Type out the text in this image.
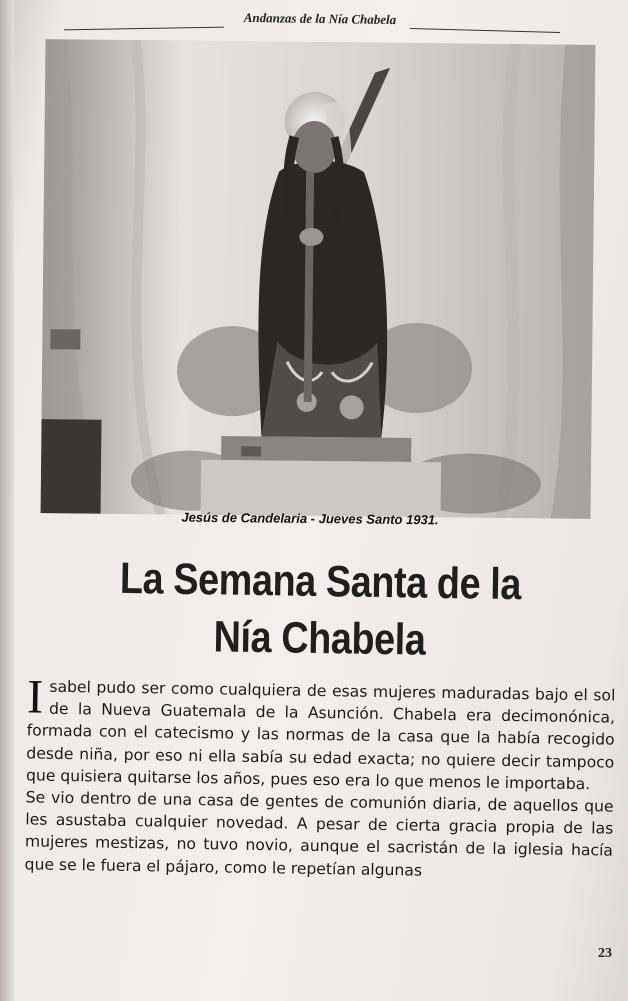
Andanzas de la Nía Chabela
Jesús de Candelaria - Jueves Santo 1931.
La Semana Santa de la
Nía Chabela

Isabel pudo ser como cualquiera de esas mujeres maduradas bajo el sol de la Nueva Guatemala de la Asunción. Chabela era decimonónica, formada con el catecismo y las normas de la casa que la había recogido desde niña, por eso ni ella sabía su edad exacta; no quiere decir tampoco que quisiera quitarse los años, pues eso era lo que menos le importaba.

Se vio dentro de una casa de gentes de comunión diaria, de aquellos que les asustaba cualquier novedad. A pesar de cierta gracia propia de las mujeres mestizas, no tuvo novio, aunque el sacristán de la iglesia hacía que se le fuera el pájaro, como le repetían algunas

23
